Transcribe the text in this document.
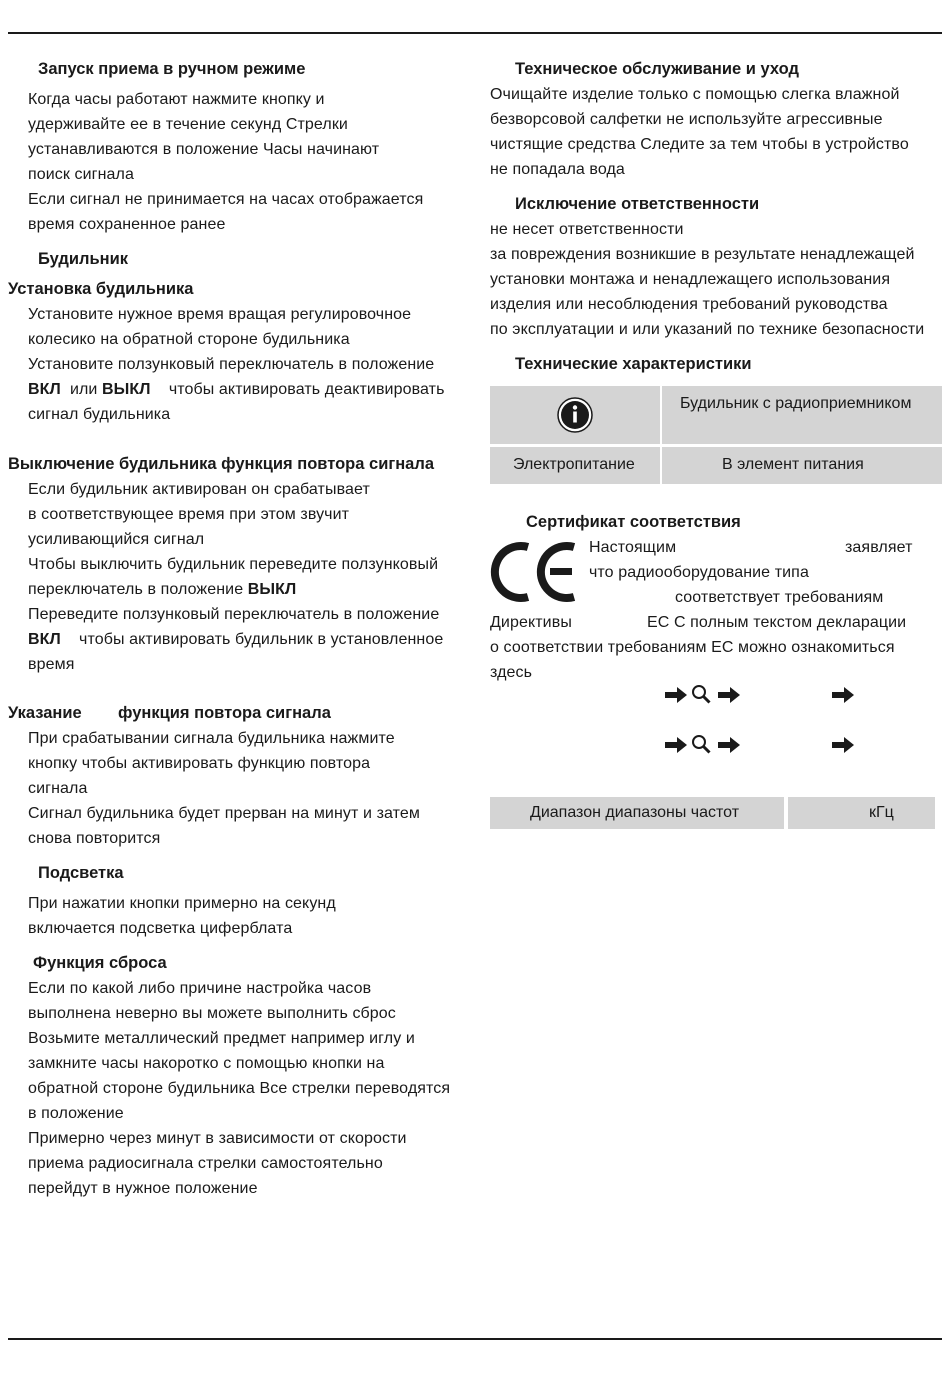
Запуск приема в ручном режиме
Когда часы работают нажмите кнопку и
удерживайте ее в течение секунд Стрелки
устанавливаются в положение Часы начинают
поиск сигнала
Если сигнал не принимается на часах отображается
время сохраненное ранее
Будильник
Установка будильника
Установите нужное время вращая регулировочное
колесико на обратной стороне будильника
Установите ползунковый переключатель в положение
ВКЛ или ВЫКЛ чтобы активировать деактивировать
сигнал будильника
Выключение будильника функция повтора сигнала
Если будильник активирован он срабатывает
в соответствующее время при этом звучит
усиливающийся сигнал
Чтобы выключить будильник переведите ползунковый
переключатель в положение ВЫКЛ
Переведите ползунковый переключатель в положение
ВКЛ чтобы активировать будильник в установленное
время
Указание функция повтора сигнала
При срабатывании сигнала будильника нажмите
кнопку чтобы активировать функцию повтора
сигнала
Сигнал будильника будет прерван на минут и затем
снова повторится
Подсветка
При нажатии кнопки примерно на секунд
включается подсветка циферблата
Функция сброса
Если по какой либо причине настройка часов
выполнена неверно вы можете выполнить сброс
Возьмите металлический предмет например иглу и
замкните часы накоротко с помощью кнопки на
обратной стороне будильника Все стрелки переводятся
в положение
Примерно через минут в зависимости от скорости
приема радиосигнала стрелки самостоятельно
перейдут в нужное положение
Техническое обслуживание и уход
Очищайте изделие только с помощью слегка влажной
безворсовой салфетки не используйте агрессивные
чистящие средства Следите за тем чтобы в устройство
не попадала вода
Исключение ответственности
не несет ответственности
за повреждения возникшие в результате ненадлежащей
установки монтажа и ненадлежащего использования
изделия или несоблюдения требований руководства
по эксплуатации и или указаний по технике безопасности
Технические характеристики
Будильник с радиоприемником
Электропитание	В элемент питания
Сертификат соответствия
Настоящим	заявляет
что радиооборудование типа
соответствует требованиям
Директивы	ЕС С полным текстом декларации
о соответствии требованиям ЕС можно ознакомиться
здесь
Диапазон диапазоны частот	кГц
